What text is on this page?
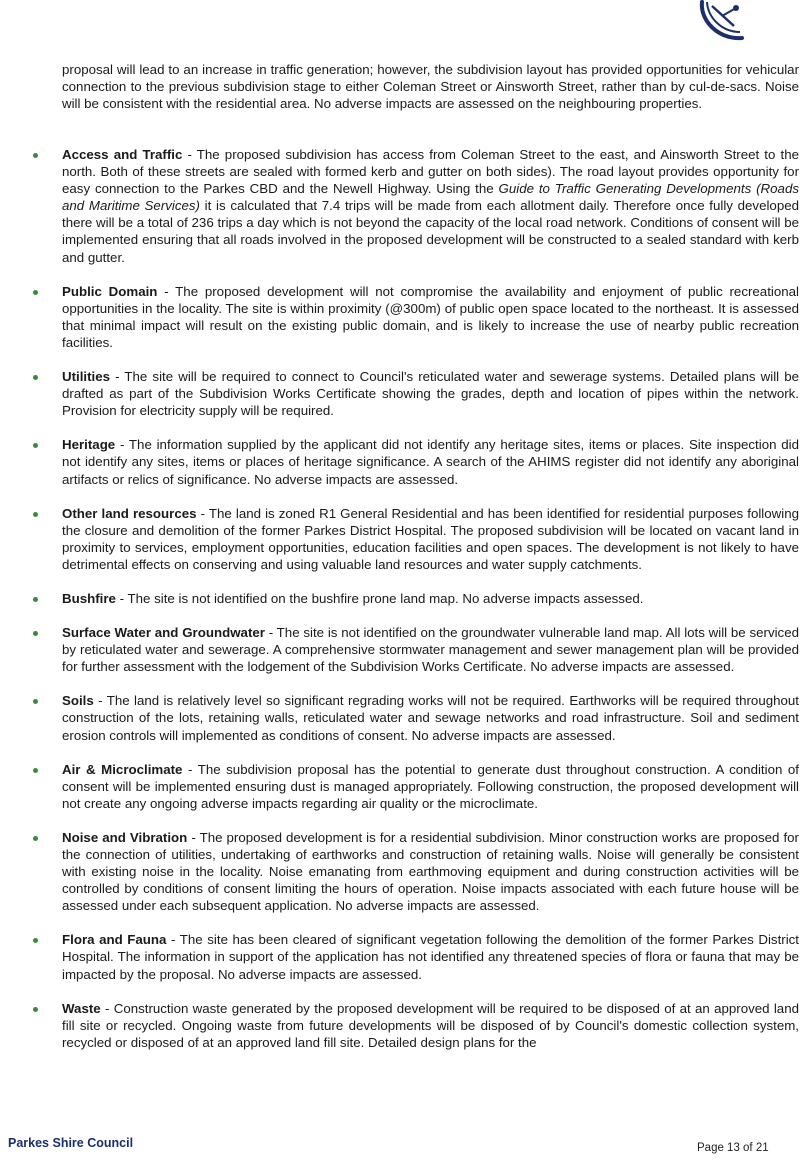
proposal will lead to an increase in traffic generation; however, the subdivision layout has provided opportunities for vehicular connection to the previous subdivision stage to either Coleman Street or Ainsworth Street, rather than by cul-de-sacs. Noise will be consistent with the residential area. No adverse impacts are assessed on the neighbouring properties.

Access and Traffic - The proposed subdivision has access from Coleman Street to the east, and Ainsworth Street to the north. Both of these streets are sealed with formed kerb and gutter on both sides). The road layout provides opportunity for easy connection to the Parkes CBD and the Newell Highway. Using the Guide to Traffic Generating Developments (Roads and Maritime Services) it is calculated that 7.4 trips will be made from each allotment daily. Therefore once fully developed there will be a total of 236 trips a day which is not beyond the capacity of the local road network. Conditions of consent will be implemented ensuring that all roads involved in the proposed development will be constructed to a sealed standard with kerb and gutter.
Public Domain - The proposed development will not compromise the availability and enjoyment of public recreational opportunities in the locality. The site is within proximity (@300m) of public open space located to the northeast. It is assessed that minimal impact will result on the existing public domain, and is likely to increase the use of nearby public recreation facilities.
Utilities - The site will be required to connect to Council's reticulated water and sewerage systems. Detailed plans will be drafted as part of the Subdivision Works Certificate showing the grades, depth and location of pipes within the network. Provision for electricity supply will be required.
Heritage - The information supplied by the applicant did not identify any heritage sites, items or places. Site inspection did not identify any sites, items or places of heritage significance. A search of the AHIMS register did not identify any aboriginal artifacts or relics of significance. No adverse impacts are assessed.
Other land resources - The land is zoned R1 General Residential and has been identified for residential purposes following the closure and demolition of the former Parkes District Hospital. The proposed subdivision will be located on vacant land in proximity to services, employment opportunities, education facilities and open spaces. The development is not likely to have detrimental effects on conserving and using valuable land resources and water supply catchments.
Bushfire - The site is not identified on the bushfire prone land map. No adverse impacts assessed.
Surface Water and Groundwater - The site is not identified on the groundwater vulnerable land map. All lots will be serviced by reticulated water and sewerage. A comprehensive stormwater management and sewer management plan will be provided for further assessment with the lodgement of the Subdivision Works Certificate. No adverse impacts are assessed.
Soils - The land is relatively level so significant regrading works will not be required. Earthworks will be required throughout construction of the lots, retaining walls, reticulated water and sewage networks and road infrastructure. Soil and sediment erosion controls will implemented as conditions of consent. No adverse impacts are assessed.
Air & Microclimate - The subdivision proposal has the potential to generate dust throughout construction. A condition of consent will be implemented ensuring dust is managed appropriately. Following construction, the proposed development will not create any ongoing adverse impacts regarding air quality or the microclimate.
Noise and Vibration - The proposed development is for a residential subdivision. Minor construction works are proposed for the connection of utilities, undertaking of earthworks and construction of retaining walls. Noise will generally be consistent with existing noise in the locality. Noise emanating from earthmoving equipment and during construction activities will be controlled by conditions of consent limiting the hours of operation. Noise impacts associated with each future house will be assessed under each subsequent application. No adverse impacts are assessed.
Flora and Fauna - The site has been cleared of significant vegetation following the demolition of the former Parkes District Hospital. The information in support of the application has not identified any threatened species of flora or fauna that may be impacted by the proposal. No adverse impacts are assessed.
Waste - Construction waste generated by the proposed development will be required to be disposed of at an approved land fill site or recycled. Ongoing waste from future developments will be disposed of by Council's domestic collection system, recycled or disposed of at an approved land fill site. Detailed design plans for the
Parkes Shire Council	Page 13 of 21
